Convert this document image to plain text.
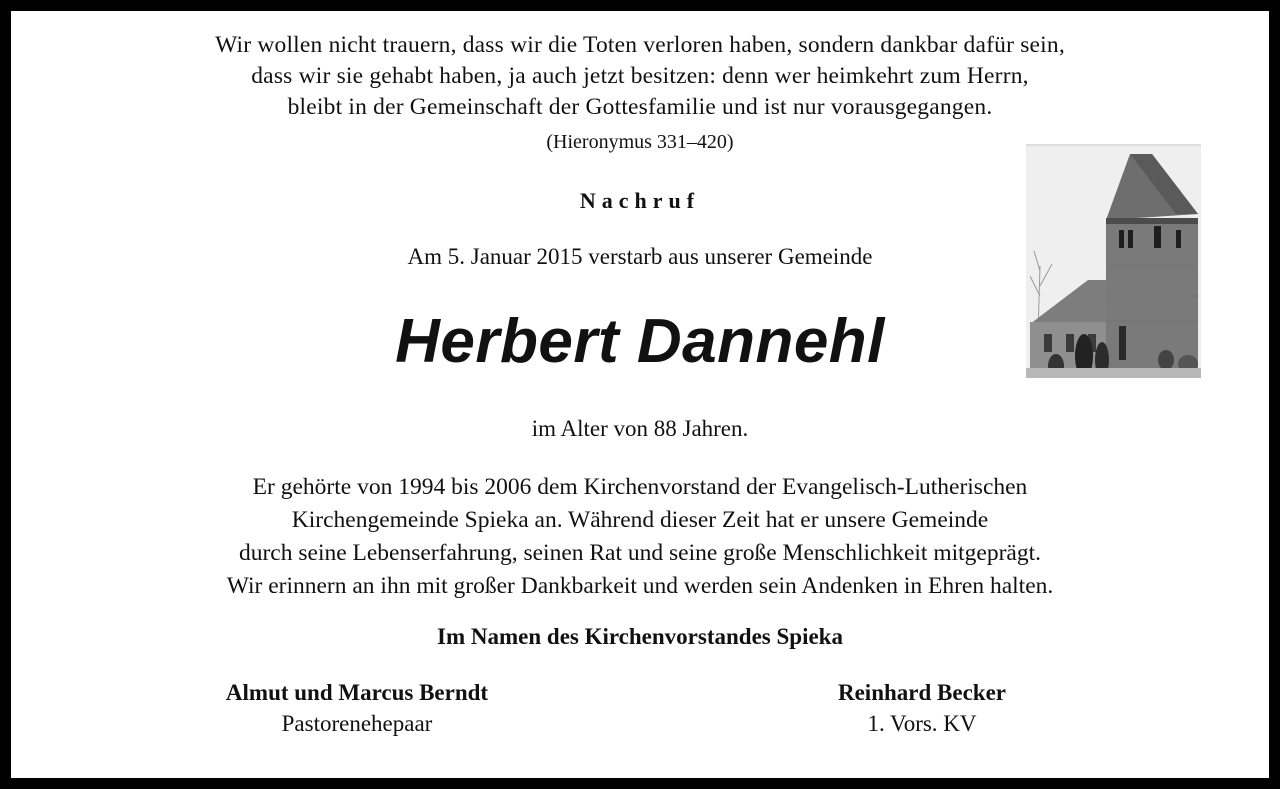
Wir wollen nicht trauern, dass wir die Toten verloren haben, sondern dankbar dafür sein,
dass wir sie gehabt haben, ja auch jetzt besitzen: denn wer heimkehrt zum Herrn,
bleibt in der Gemeinschaft der Gottesfamilie und ist nur vorausgegangen.
(Hieronymus 331–420)
Nachruf
Am 5. Januar 2015 verstarb aus unserer Gemeinde
Herbert Dannehl
im Alter von 88 Jahren.
Er gehörte von 1994 bis 2006 dem Kirchenvorstand der Evangelisch-Lutherischen
Kirchengemeinde Spieka an. Während dieser Zeit hat er unsere Gemeinde
durch seine Lebenserfahrung, seinen Rat und seine große Menschlichkeit mitgeprägt.
Wir erinnern an ihn mit großer Dankbarkeit und werden sein Andenken in Ehren halten.
Im Namen des Kirchenvorstandes Spieka
Almut und Marcus Berndt
Pastorenehepaar
Reinhard Becker
1. Vors. KV
